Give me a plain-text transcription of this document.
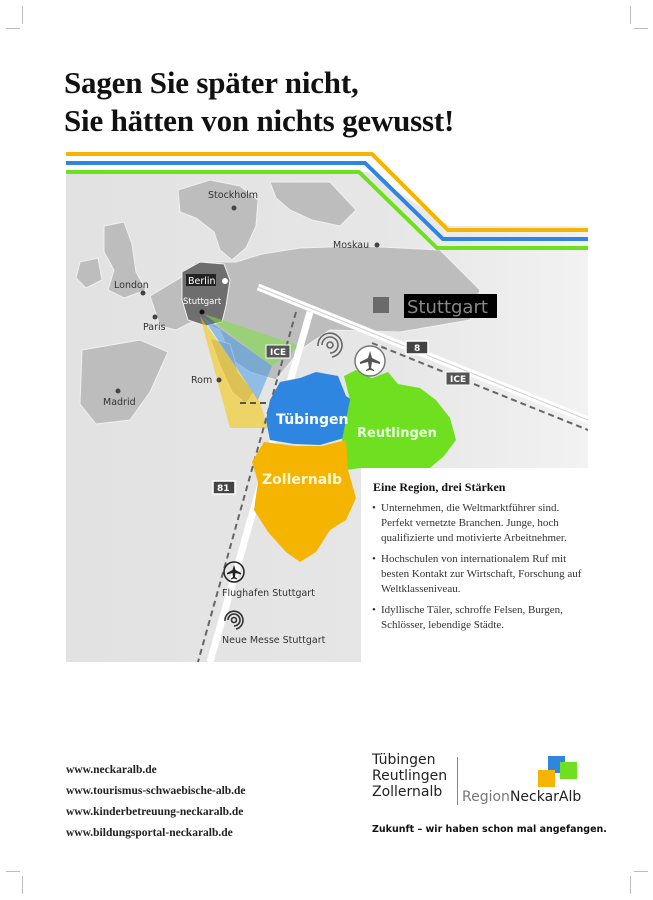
Sagen Sie später nicht,
Sie hätten von nichts gewusst!
Stockholm
Moskau
London	Berlin
Stuttgart
Paris
Rom
Madrid
Stuttgart
Tübingen
Reutlingen
Zollernalb
ICE
ICE
8
81
Flughafen Stuttgart
Neue Messe Stuttgart
Eine Region, drei Stärken
• Unternehmen, die Weltmarktführer sind. Perfekt vernetzte Branchen. Junge, hoch qualifizierte und motivierte Arbeitnehmer.
• Hochschulen von internationalem Ruf mit besten Kontakt zur Wirtschaft, Forschung auf Weltklasseniveau.
• Idyllische Täler, schroffe Felsen, Burgen, Schlösser, lebendige Städte.
www.neckaralb.de
www.tourismus-schwaebische-alb.de
www.kinderbetreuung-neckaralb.de
www.bildungsportal-neckaralb.de
Tübingen
Reutlingen
Zollernalb	RegionNeckarAlb
Zukunft – wir haben schon mal angefangen.
